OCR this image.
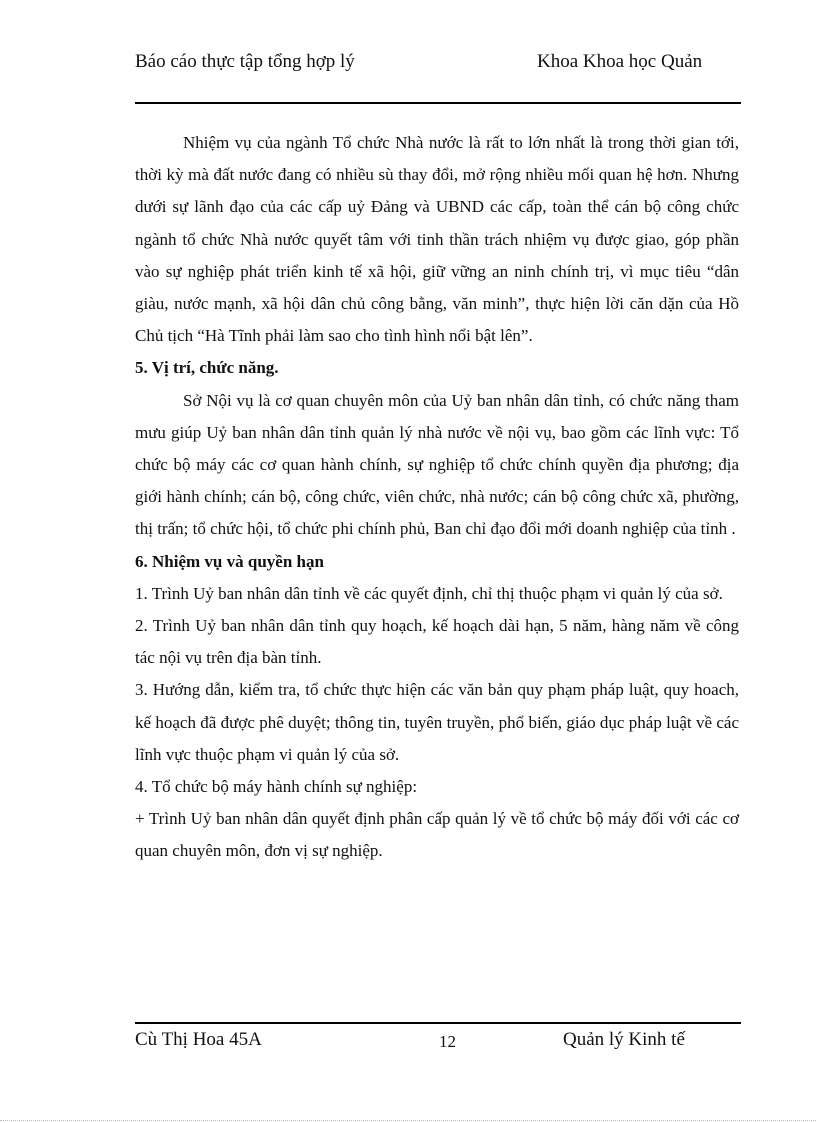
Báo cáo thực tập tổng hợp lý	Khoa Khoa học Quản

Nhiệm vụ của ngành Tổ chức Nhà nước là rất to lớn nhất là trong thời gian tới, thời kỳ mà đất nước đang có nhiều sù thay đổi, mở rộng nhiều mối quan hệ hơn. Nhưng dưới sự lãnh đạo của các cấp uỷ Đảng và UBND các cấp, toàn thể cán bộ công chức ngành tổ chức Nhà nước quyết tâm với tinh thần trách nhiệm vụ được giao, góp phần vào sự nghiệp phát triển kinh tế xã hội, giữ vững an ninh chính trị, vì mục tiêu “dân giàu, nước mạnh, xã hội dân chủ công bằng, văn minh”, thực hiện lời căn dặn của Hồ Chủ tịch “Hà Tĩnh phải làm sao cho tình hình nổi bật lên”.

5. Vị trí, chức năng.

Sở Nội vụ là cơ quan chuyên môn của Uỷ ban nhân dân tỉnh, có chức năng tham mưu giúp Uỷ ban nhân dân tỉnh quản lý nhà nước về nội vụ, bao gồm các lĩnh vực: Tổ chức bộ máy các cơ quan hành chính, sự nghiệp tổ chức chính quyền địa phương; địa giới hành chính; cán bộ, công chức, viên chức, nhà nước; cán bộ công chức xã, phường, thị trấn; tổ chức hội, tổ chức phi chính phủ, Ban chỉ đạo đổi mới doanh nghiệp của tỉnh .

6. Nhiệm vụ và quyền hạn

1. Trình Uỷ ban nhân dân tỉnh về các quyết định, chỉ thị thuộc phạm vi quản lý của sở.

2. Trình Uỷ ban nhân dân tỉnh quy hoạch, kế hoạch dài hạn, 5 năm, hàng năm về công tác nội vụ trên địa bàn tỉnh.

3. Hướng dẫn, kiểm tra, tổ chức thực hiện các văn bản quy phạm pháp luật, quy hoach, kế hoạch đã được phê duyệt; thông tin, tuyên truyền, phổ biến, giáo dục pháp luật về các lĩnh vực thuộc phạm vi quản lý của sở.

4. Tổ chức bộ máy hành chính sự nghiệp:

+ Trình Uỷ ban nhân dân quyết định phân cấp quản lý về tổ chức bộ máy đối với các cơ quan chuyên môn, đơn vị sự nghiệp.

Cù Thị Hoa 45A	12	Quản lý Kinh tế
